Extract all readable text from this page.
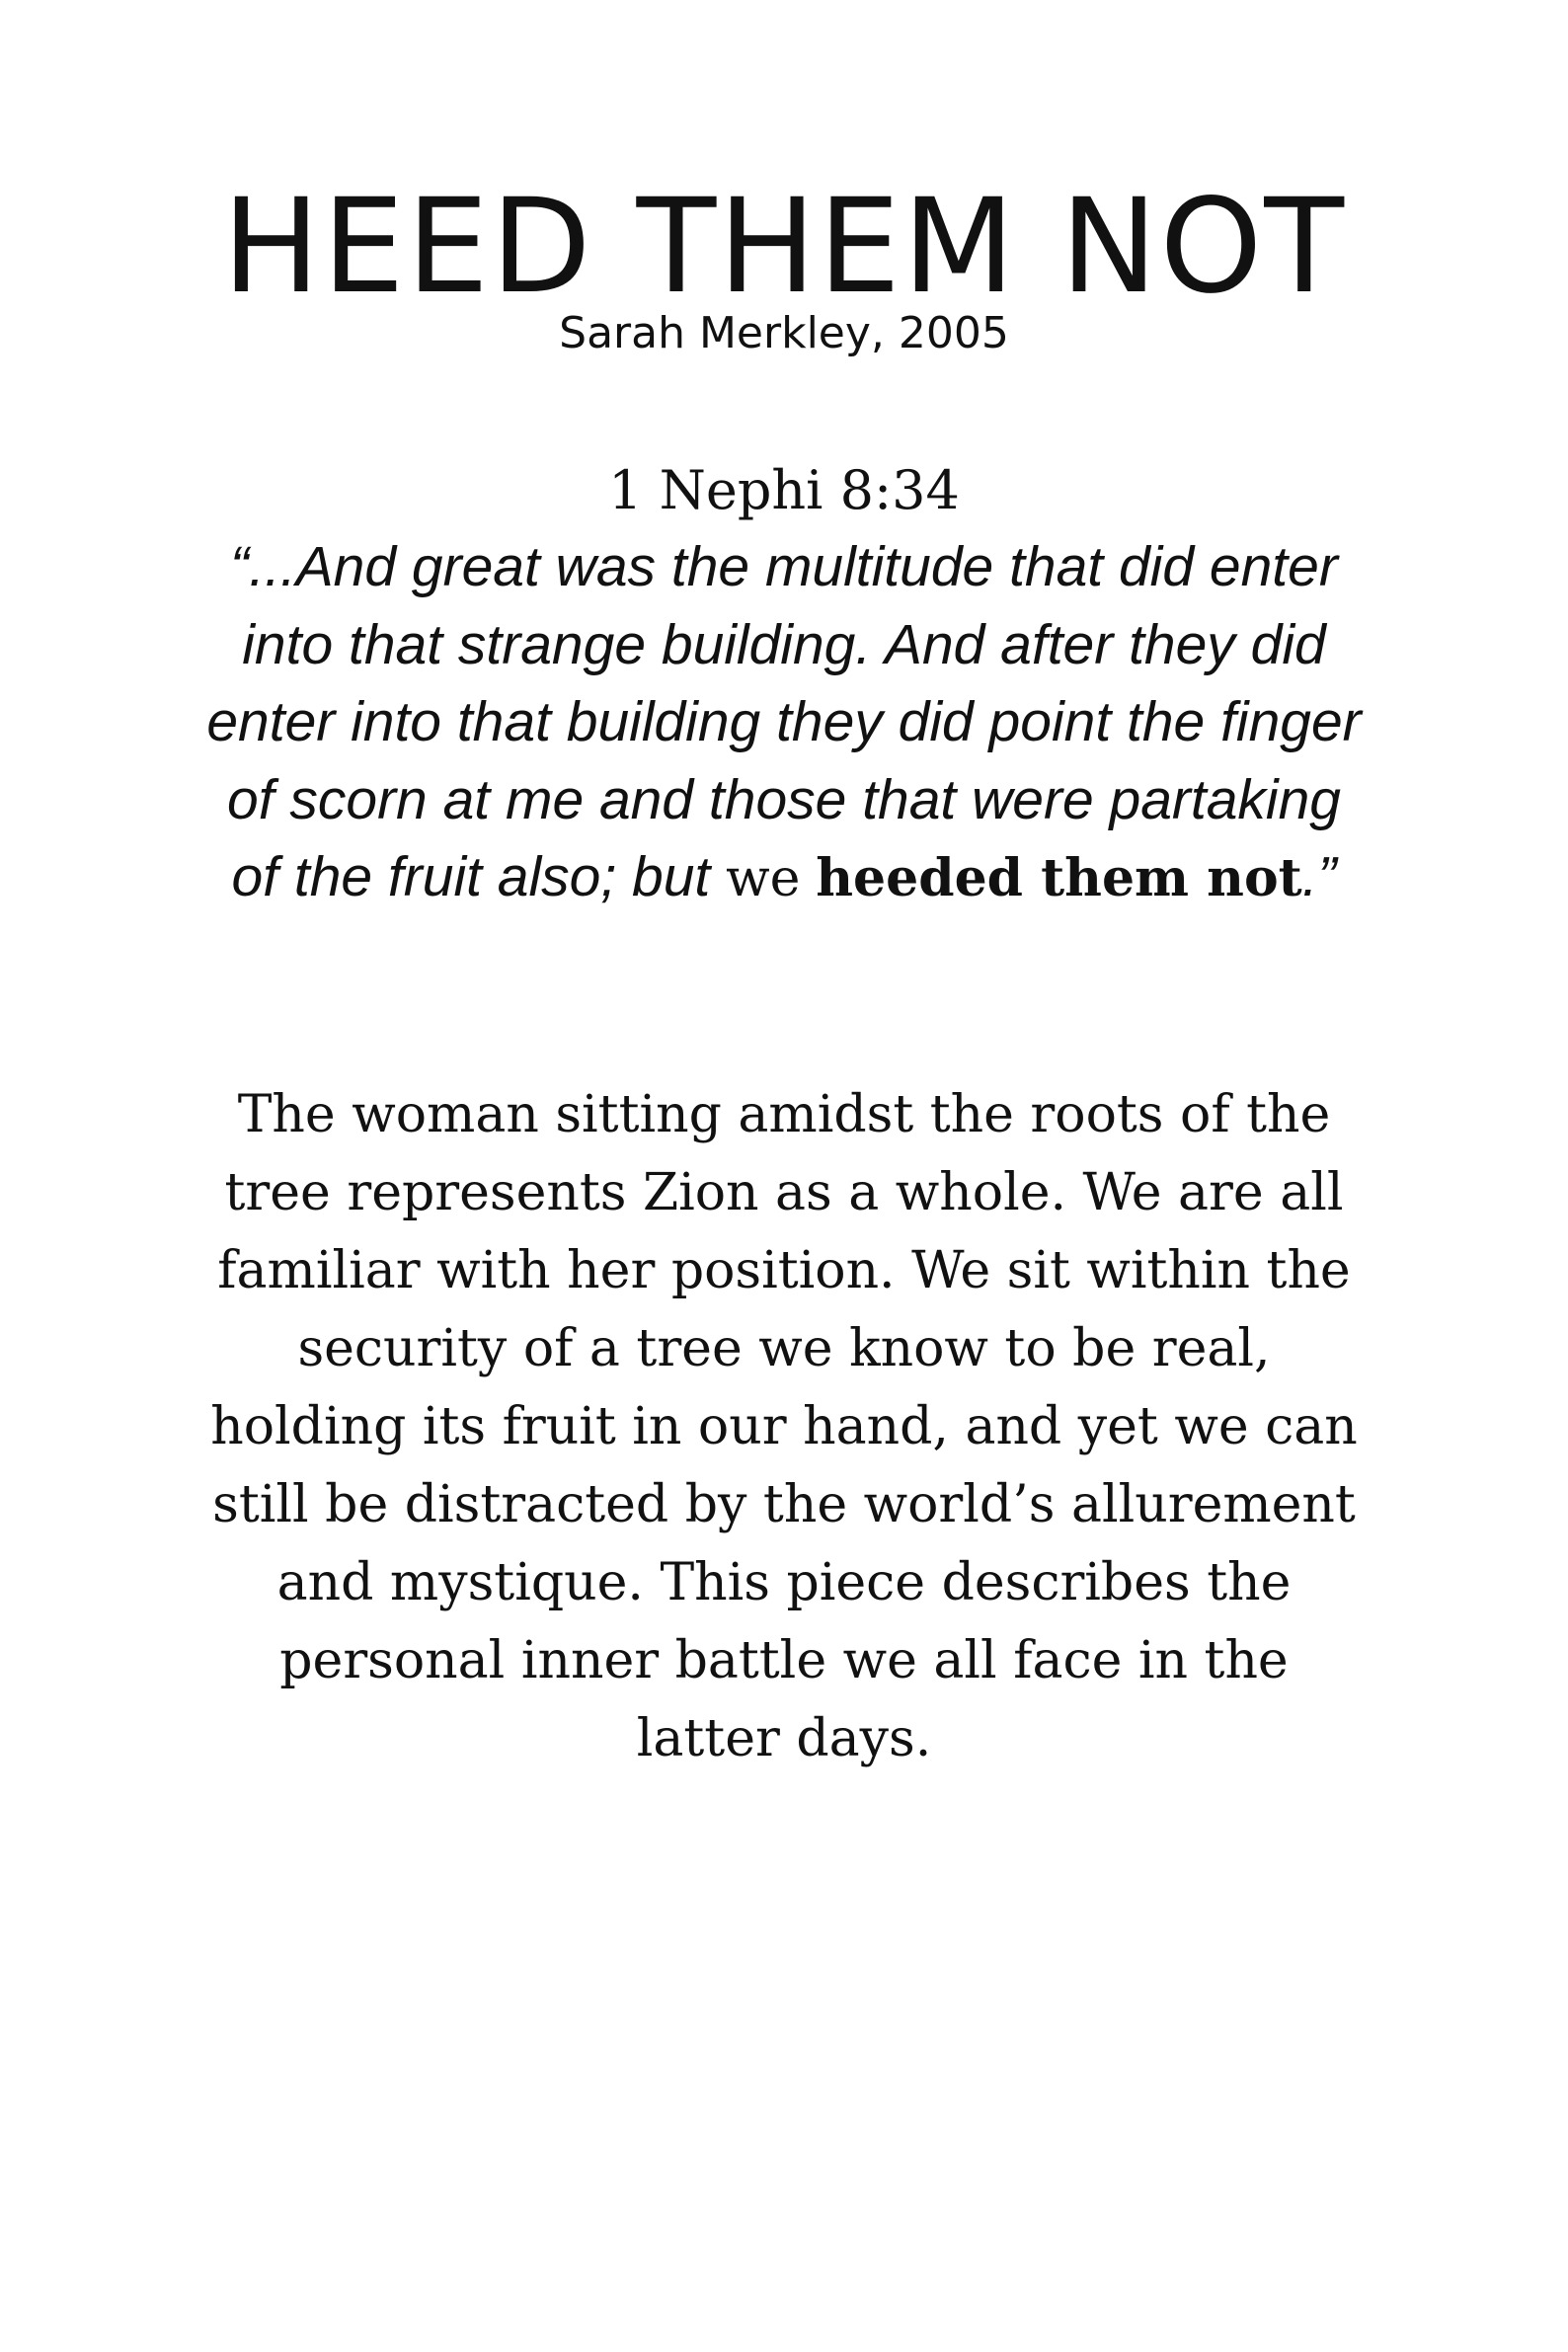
HEED THEM NOT

Sarah Merkley, 2005

1 Nephi 8:34

“...And great was the multitude that did enter into that strange building. And after they did enter into that building they did point the finger of scorn at me and those that were partaking of the fruit also; but we heeded them not.”

The woman sitting amidst the roots of the tree represents Zion as a whole. We are all familiar with her position. We sit within the security of a tree we know to be real, holding its fruit in our hand, and yet we can still be distracted by the world’s allurement and mystique. This piece describes the personal inner battle we all face in the latter days.
